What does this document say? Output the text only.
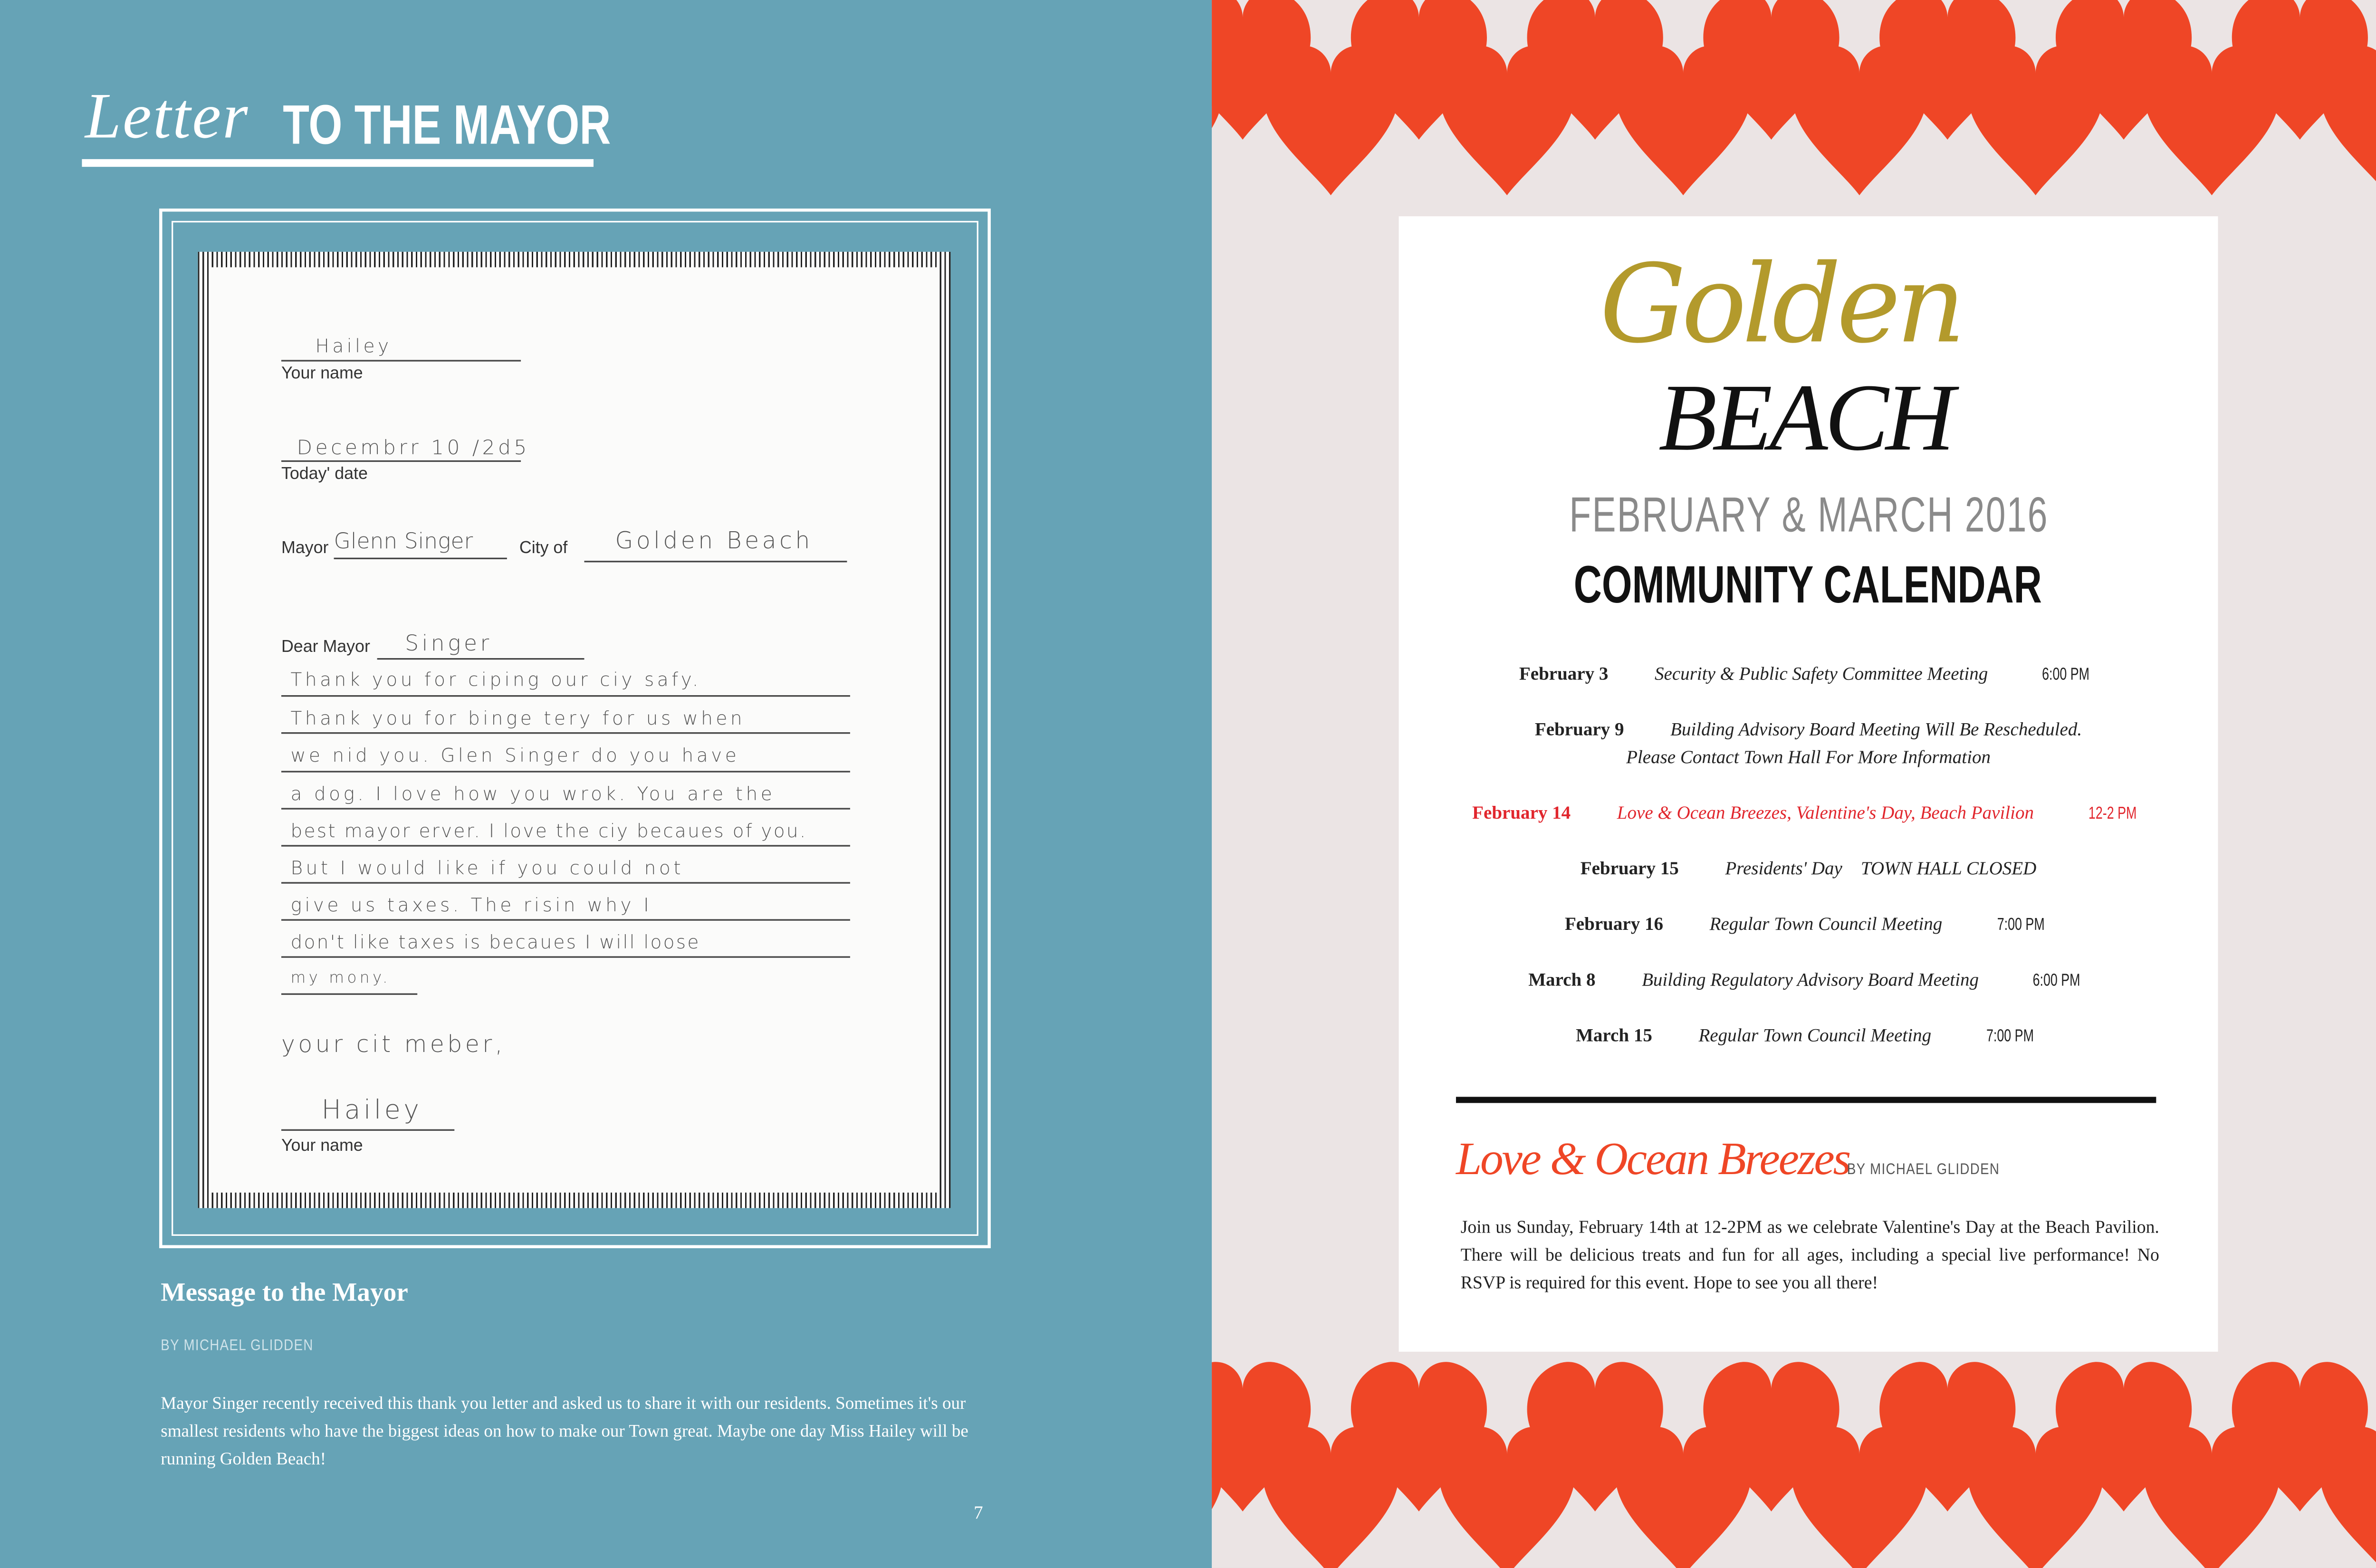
Letter TO THE MAYOR
Hailey
Your name
Decembrr 10 /2d5
Today' date
Mayor Glenn Singer	City of	Golden Beach
Dear Mayor	Singer
Thank you for ciping our ciy safy.
Thank you for binge tery for us when
we nid you. Glen Singer do you have
a dog. I love how you wrok. You are the
best mayor erver. I love the ciy becaues of you.
But I would like if you could not
give us taxes. The risin why I
don't like taxes is becaues I will loose
my mony.
your cit meber,
Hailey
Your name
Message to the Mayor
BY MICHAEL GLIDDEN
Mayor Singer recently received this thank you letter and asked us to share it with our residents. Sometimes it's our smallest residents who have the biggest ideas on how to make our Town great. Maybe one day Miss Hailey will be running Golden Beach!
7
Golden
BEACH
FEBRUARY & MARCH 2016
COMMUNITY CALENDAR
February 3	Security & Public Safety Committee Meeting	6:00 PM
February 9	Building Advisory Board Meeting Will Be Rescheduled.
Please Contact Town Hall For More Information
February 14	Love & Ocean Breezes, Valentine's Day, Beach Pavilion	12-2 PM
February 15	Presidents' Day    TOWN HALL CLOSED
February 16	Regular Town Council Meeting	7:00 PM
March 8	Building Regulatory Advisory Board Meeting	6:00 PM
March 15	Regular Town Council Meeting	7:00 PM
Love & Ocean Breezes
BY MICHAEL GLIDDEN
Join us Sunday, February 14th at 12-2PM as we celebrate Valentine's Day at the Beach Pavilion. There will be delicious treats and fun for all ages, including a special live performance! No RSVP is required for this event. Hope to see you all there!
